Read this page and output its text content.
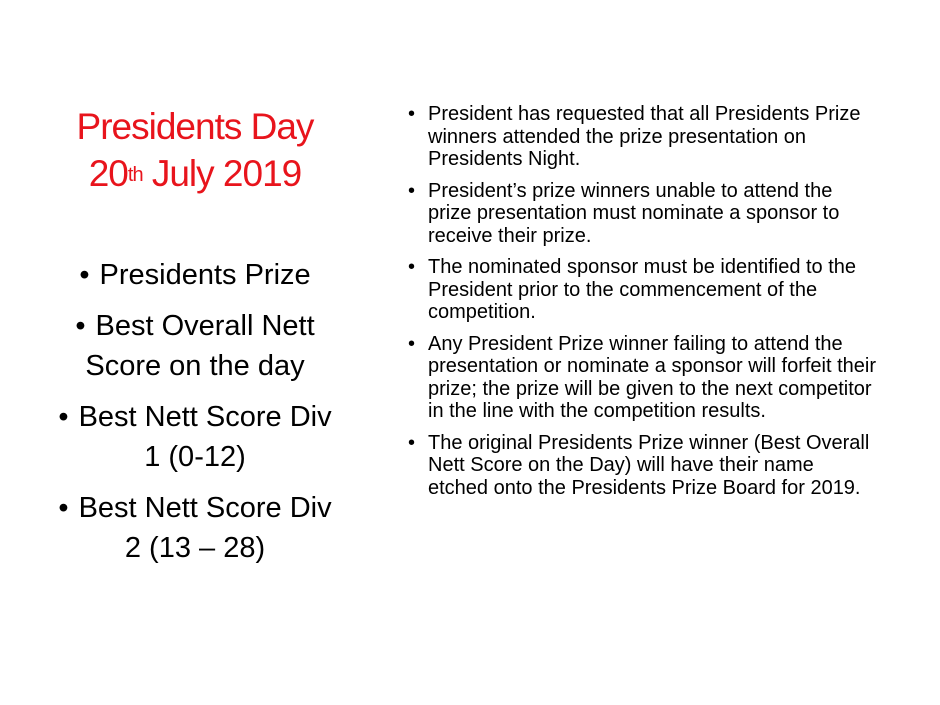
Presidents Day
20th July 2019
• Presidents Prize
• Best Overall Nett Score on the day
• Best Nett Score Div 1 (0-12)
• Best Nett Score Div 2 (13 – 28)
• President has requested that all Presidents Prize winners attended the prize presentation on Presidents Night.
• President’s prize winners unable to attend the prize presentation must nominate a sponsor to receive their prize.
• The nominated sponsor must be identified to the President prior to the commencement of the competition.
• Any President Prize winner failing to attend the presentation or nominate a sponsor will forfeit their prize; the prize will be given to the next competitor in the line with the competition results.
• The original Presidents Prize winner (Best Overall Nett Score on the Day) will have their name etched onto the Presidents Prize Board for 2019.
